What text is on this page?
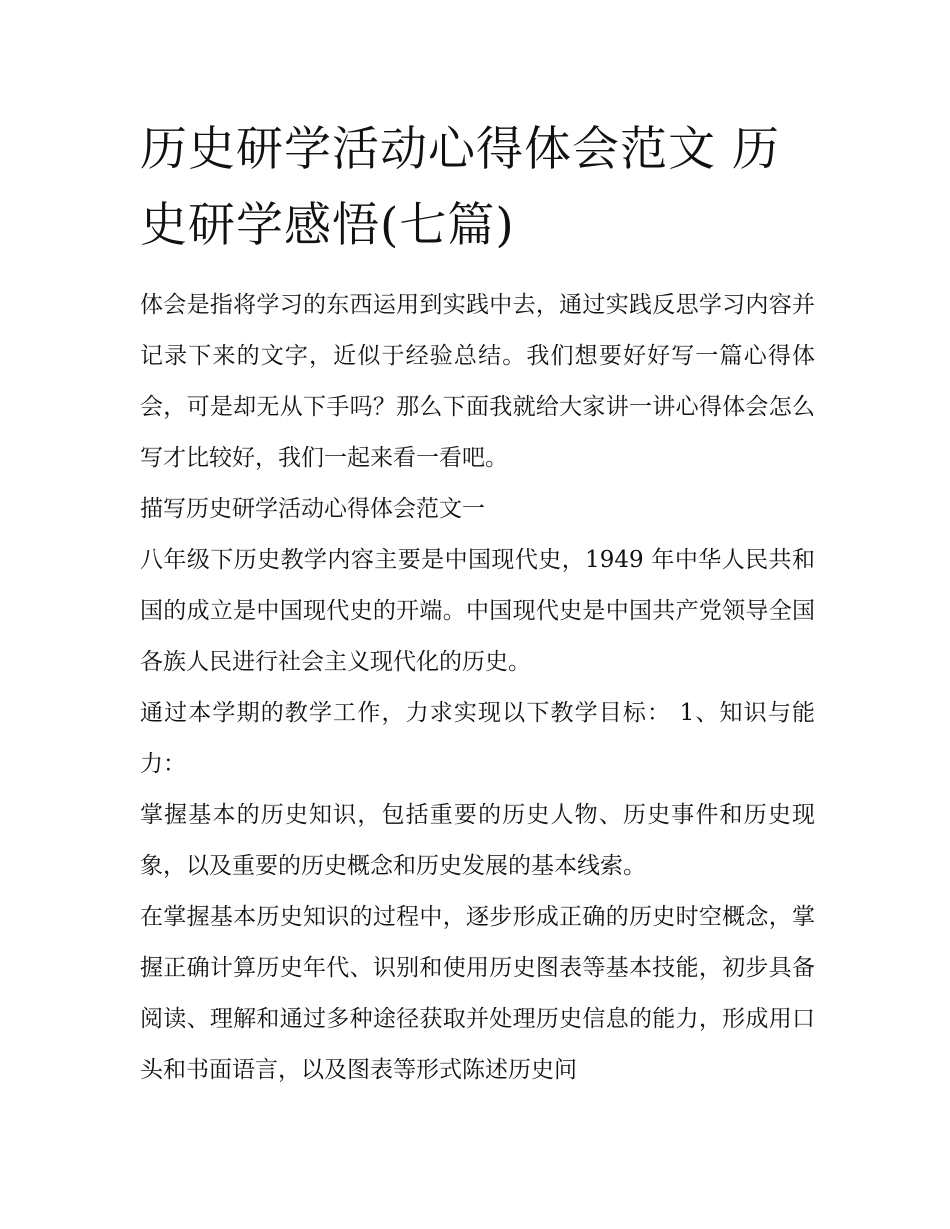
历史研学活动心得体会范文 历史研学感悟(七篇)

体会是指将学习的东西运用到实践中去，通过实践反思学习内容并记录下来的文字，近似于经验总结。我们想要好好写一篇心得体会，可是却无从下手吗？那么下面我就给大家讲一讲心得体会怎么写才比较好，我们一起来看一看吧。

描写历史研学活动心得体会范文一

八年级下历史教学内容主要是中国现代史，1949 年中华人民共和国的成立是中国现代史的开端。中国现代史是中国共产党领导全国各族人民进行社会主义现代化的历史。

通过本学期的教学工作，力求实现以下教学目标： 1、知识与能力：

掌握基本的历史知识，包括重要的历史人物、历史事件和历史现象，以及重要的历史概念和历史发展的基本线索。

在掌握基本历史知识的过程中，逐步形成正确的历史时空概念，掌握正确计算历史年代、识别和使用历史图表等基本技能，初步具备阅读、理解和通过多种途径获取并处理历史信息的能力，形成用口头和书面语言，以及图表等形式陈述历史问
